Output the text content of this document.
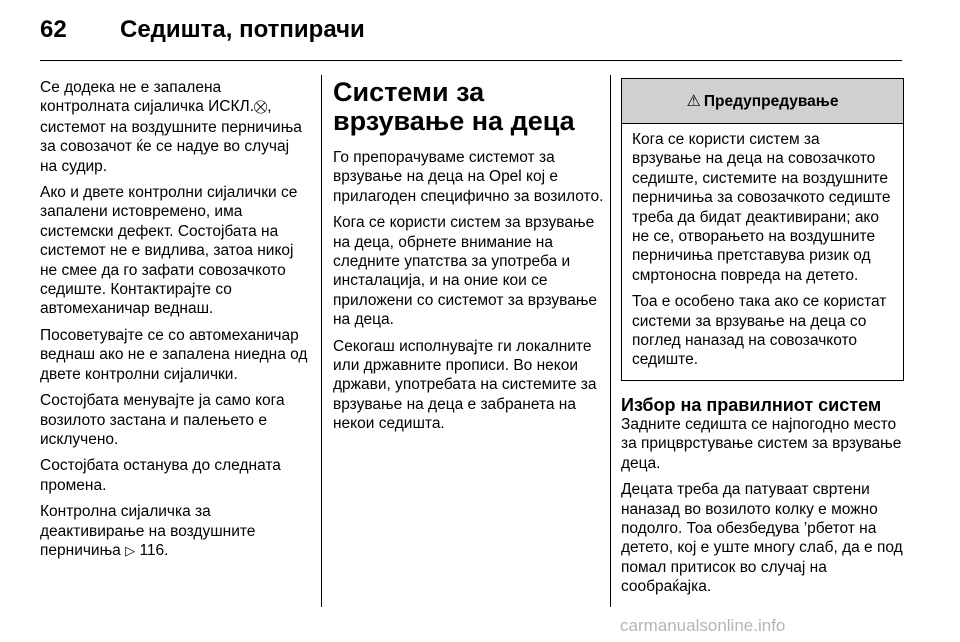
62 Седишта, потпирачи

Се додека не е запалена контролната сијаличка ИСКЛ.⛒, системот на воздушните перничиња за совозачот ќе се надуе во случај на судир.

Ако и двете контролни сијалички се запалени истовремено, има системски дефект. Состојбата на системот не е видлива, затоа никој не смее да го зафати совозачкото седиште. Контактирајте со автомеханичар веднаш.

Посоветувајте се со автомеханичар веднаш ако не е запалена ниедна од двете контролни сијалички.

Состојбата менувајте ја само кога возилото застана и палењето е исклучено.

Состојбата останува до следната промена.

Контролна сијаличка за деактивирање на воздушните перничиња ▷ 116.

Системи за врзување на деца

Го препорачуваме системот за врзување на деца на Opel кој е прилагоден специфично за возилото.

Кога се користи систем за врзување на деца, обрнете внимание на следните упатства за употреба и инсталација, и на оние кои се приложени со системот за врзување на деца.

Секогаш исполнувајте ги локалните или државните прописи. Во некои држави, употребата на системите за врзување на деца е забранета на некои седишта.

⚠ Предупредување

Кога се користи систем за врзување на деца на совозачкото седиште, системите на воздушните перничиња за совозачкото седиште треба да бидат деактивирани; ако не се, отворањето на воздушните перничиња претставува ризик од смртоносна повреда на детето.

Тоа е особено така ако се користат системи за врзување на деца со поглед наназад на совозачкото седиште.

Избор на правилниот систем

Задните седишта се најпогодно место за прицврстување систем за врзување деца.

Децата треба да патуваат свртени наназад во возилото колку е можно подолго. Тоа обезбедува ’рбетот на детето, кој е уште многу слаб, да е под помал притисок во случај на сообраќајка.

carmanualsonline.info
